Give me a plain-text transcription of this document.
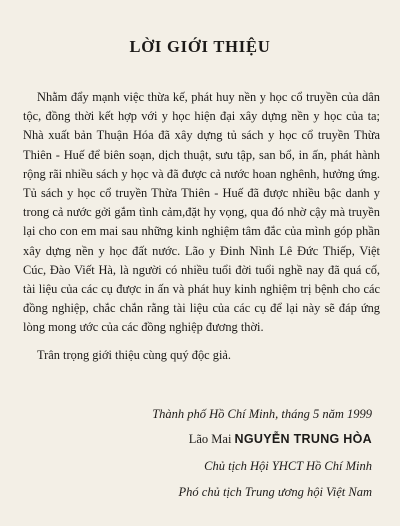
LỜI GIỚI THIỆU

Nhằm đẩy mạnh việc thừa kế, phát huy nền y học cổ truyền của dân tộc, đồng thời kết hợp với y học hiện đại xây dựng nền y học của ta; Nhà xuất bản Thuận Hóa đã xây dựng tủ sách y học cổ truyền Thừa Thiên - Huế để biên soạn, dịch thuật, sưu tập, san bổ, in ấn, phát hành rộng rãi nhiều sách y học và đã được cả nước hoan nghênh, hưởng ứng. Tủ sách y học cổ truyền Thừa Thiên - Huế đã được nhiều bậc danh y trong cả nước gởi gắm tình cảm,đặt hy vọng, qua đó nhờ cậy mà truyền lại cho con em mai sau những kinh nghiệm tâm đắc của mình góp phần xây dựng nền y học đất nước. Lão y Đinh Nình Lê Đức Thiếp, Việt Cúc, Đào Viết Hà, là người có nhiều tuổi đời tuổi nghề nay đã quá cố, tài liệu của các cụ được in ấn và phát huy kinh nghiệm trị bệnh cho các đồng nghiệp, chắc chắn rằng tài liệu của các cụ để lại này sẽ đáp ứng lòng mong ước của các đồng nghiệp đương thời.

Trân trọng giới thiệu cùng quý độc giả.

Thành phố Hồ Chí Minh, tháng 5 năm 1999
Lão Mai NGUYỄN TRUNG HÒA
Chủ tịch Hội YHCT Hồ Chí Minh
Phó chủ tịch Trung ương hội Việt Nam
